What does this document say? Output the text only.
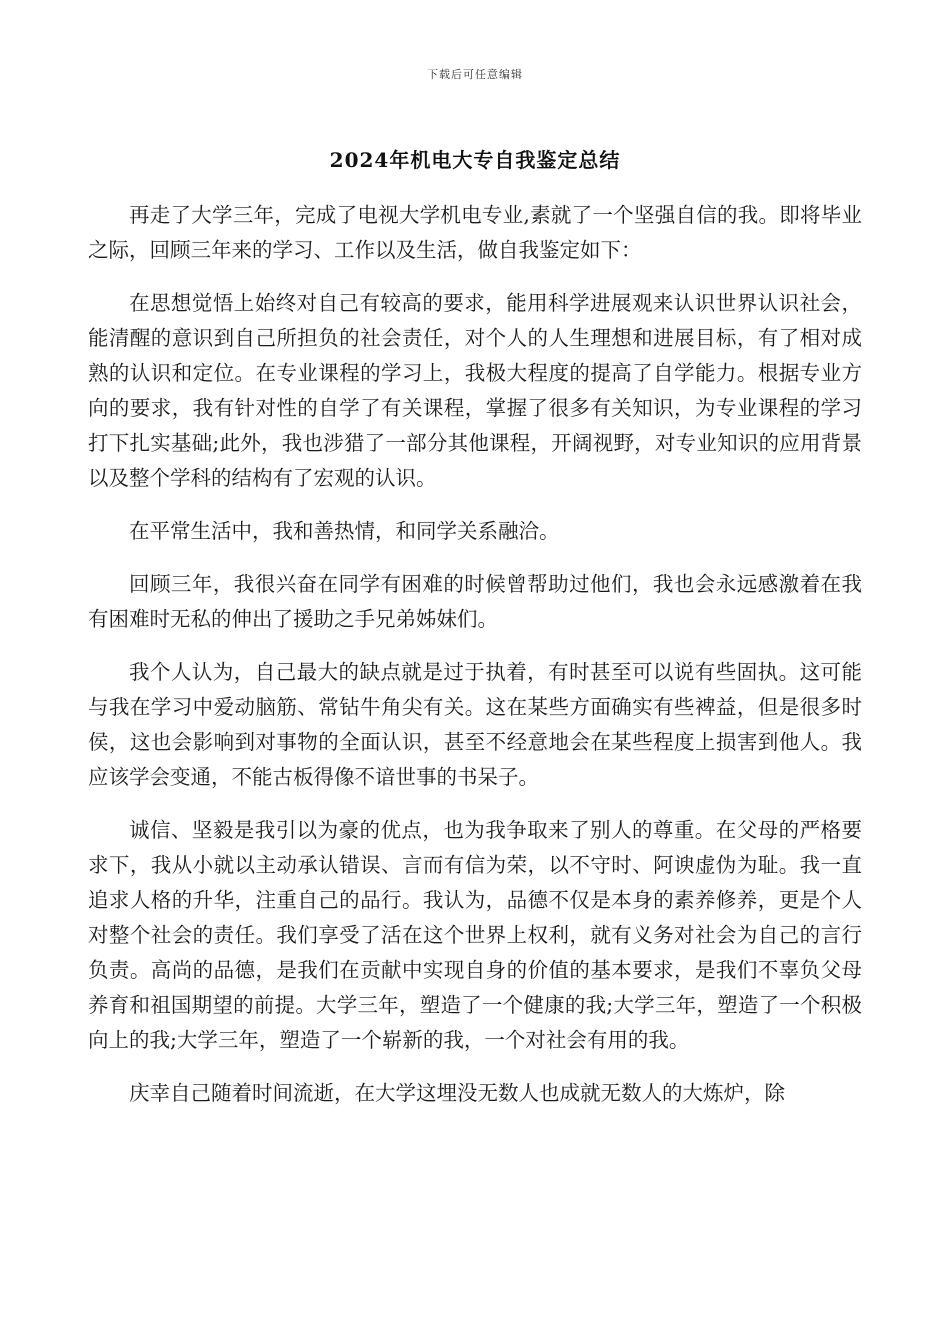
下载后可任意编辑
2024年机电大专自我鉴定总结

再走了大学三年，完成了电视大学机电专业,素就了一个坚强自信的我。即将毕业之际，回顾三年来的学习、工作以及生活，做自我鉴定如下：

在思想觉悟上始终对自己有较高的要求，能用科学进展观来认识世界认识社会，能清醒的意识到自己所担负的社会责任，对个人的人生理想和进展目标，有了相对成熟的认识和定位。在专业课程的学习上，我极大程度的提高了自学能力。根据专业方向的要求，我有针对性的自学了有关课程，掌握了很多有关知识，为专业课程的学习打下扎实基础;此外，我也涉猎了一部分其他课程，开阔视野，对专业知识的应用背景以及整个学科的结构有了宏观的认识。

在平常生活中，我和善热情，和同学关系融洽。

回顾三年，我很兴奋在同学有困难的时候曾帮助过他们，我也会永远感激着在我有困难时无私的伸出了援助之手兄弟姊妹们。

我个人认为，自己最大的缺点就是过于执着，有时甚至可以说有些固执。这可能与我在学习中爱动脑筋、常钻牛角尖有关。这在某些方面确实有些裨益，但是很多时侯，这也会影响到对事物的全面认识，甚至不经意地会在某些程度上损害到他人。我应该学会变通，不能古板得像不谙世事的书呆子。

诚信、坚毅是我引以为豪的优点，也为我争取来了别人的尊重。在父母的严格要求下，我从小就以主动承认错误、言而有信为荣，以不守时、阿谀虚伪为耻。我一直追求人格的升华，注重自己的品行。我认为，品德不仅是本身的素养修养，更是个人对整个社会的责任。我们享受了活在这个世界上权利，就有义务对社会为自己的言行负责。高尚的品德，是我们在贡献中实现自身的价值的基本要求，是我们不辜负父母养育和祖国期望的前提。大学三年，塑造了一个健康的我;大学三年，塑造了一个积极向上的我;大学三年，塑造了一个崭新的我，一个对社会有用的我。

庆幸自己随着时间流逝，在大学这埋没无数人也成就无数人的大炼炉，除
